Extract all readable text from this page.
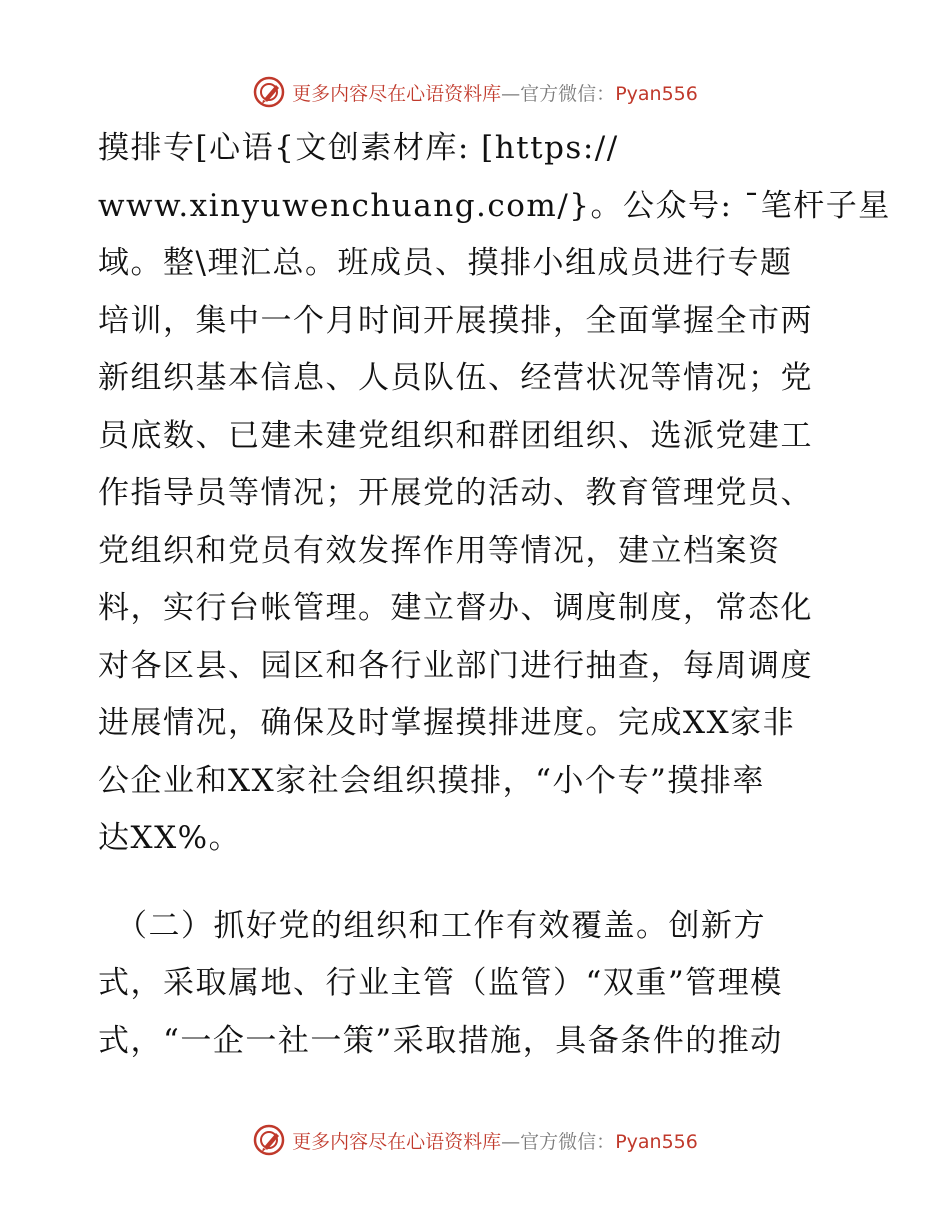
更多内容尽在心语资料库—官方微信：Pyan556
摸排专[心语{文创素材库: [https://
www.xinyuwenchuang.com/}。公众号: ¯笔杆子星
域。整\理汇总。班成员、摸排小组成员进行专题
培训，集中一个月时间开展摸排，全面掌握全市两
新组织基本信息、人员队伍、经营状况等情况；党
员底数、已建未建党组织和群团组织、选派党建工
作指导员等情况；开展党的活动、教育管理党员、
党组织和党员有效发挥作用等情况，建立档案资
料，实行台帐管理。建立督办、调度制度，常态化
对各区县、园区和各行业部门进行抽查，每周调度
进展情况，确保及时掌握摸排进度。完成XX家非
公企业和XX家社会组织摸排，“小个专”摸排率
达XX%。
（二）抓好党的组织和工作有效覆盖。创新方
式，采取属地、行业主管（监管）“双重”管理模
式，“一企一社一策”采取措施，具备条件的推动
更多内容尽在心语资料库—官方微信：Pyan556
